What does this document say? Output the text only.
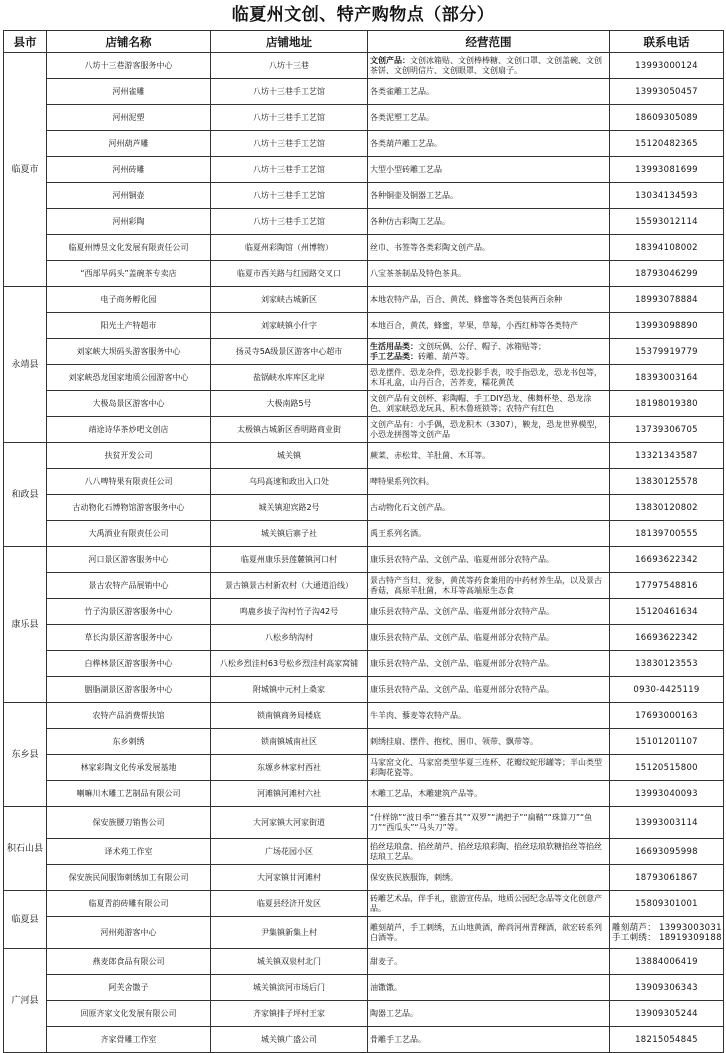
临夏州文创、特产购物点（部分）
县市	店铺名称	店铺地址	经营范围	联系电话
临夏市	八坊十三巷游客服务中心	八坊十三巷	文创产品：文创冰箱贴、文创棒棒糖、文创口罩、文创盖碗、文创茶饼、文创明信片、文创眼罩、文创扇子。	13993000124
	河州雀雕	八坊十三巷手工艺馆	各类雀雕工艺品。	13993050457
	河州泥塑	八坊十三巷手工艺馆	各类泥塑工艺品。	18609305089
	河州葫芦雕	八坊十三巷手工艺馆	各类葫芦雕工艺品。	15120482365
	河州砖雕	八坊十三巷手工艺馆	大型小型砖雕工艺品	13993081699
	河州铜壶	八坊十三巷手工艺馆	各种铜壶及铜器工艺品。	13034134593
	河州彩陶	八坊十三巷手工艺馆	各种仿古彩陶工艺品。	15593012114
	临夏州博昱文化发展有限责任公司	临夏州彩陶馆（州博物）	丝巾、书签等各类彩陶文创产品。	18394108002
	“西部旱码头”盖碗茶专卖店	临夏市西关路与红园路交叉口	八宝茶茶制品及特色茶具。	18793046299
永靖县	电子商务孵化园	刘家峡古城新区	本地农特产品，百合、黄芪、蜂蜜等各类包装两百余种	18993078884
	阳光土产特超市	刘家峡镇小什字	本地百合，黄芪，蜂蜜，苹果，草莓，小西红柿等各类特产	13993098890
	刘家峡大坝码头游客服务中心	扬灵寺5A级景区游客中心超市	生活用品类：文创玩偶、公仔、帽子、冰箱贴等；
手工艺品类：砖雕、葫芦等。	15379919779
	刘家峡恐龙国家地质公园游客中心	盐锅峡水库库区北岸	恐龙摆件、恐龙杂件，恐龙投影手表，咬手指恐龙，恐龙书包等，木耳礼盒，山丹百合，苦荞麦，糯花黄芪	18393003164
	大极岛景区游客中心	大极南路5号	文创产品有文创杯、彩陶帽、手工DIY恐龙、佛舞杯垫、恐龙涂色、刘家峡恐龙玩具、积木鲁班锁等；农特产有红色	18198019380
	靖途诗华茶炒吧文创店	太极镇古城新区香明路商业街	文创产品有：小手偶，恐龙积木（3307），鞅龙，恐龙世界模型，小恐龙拼图等文创产品	13739306705
和政县	扶贫开发公司	城关镇	蕨菜、赤松茸、羊肚菌、木耳等。	13321343587
	八八啤特果有限责任公司	乌玛高速和政出入口处	啤特果系列饮料。	13830125578
	古动物化石博物馆游客服务中心	城关镇迎宾路2号	古动物化石文创产品。	13830120802
	大禹酒业有限责任公司	城关镇后寨子社	禹王系列名酒。	18139700555
康乐县	河口景区游客服务中心	临夏州康乐县莲麓镇河口村	康乐县农特产品、文创产品、临夏州部分农特产品。	16693622342
	景古农特产品展销中心	景古镇景古村新农村（大通道沿线）	景古特产当归、党参，黄芪等药食兼用的中药材养生品，以及景古香菇，高原羊肚菌，木耳等高端原生态食	17797548816
	竹子沟景区游客服务中心	鸣鹿乡拔子沟村竹子沟42号	康乐县农特产品、文创产品、临夏州部分农特产品。	15120461634
	草长沟景区游客服务中心	八松乡纳沟村	康乐县农特产品、文创产品、临夏州部分农特产品。	16693622342
	白桦林景区游客服务中心	八松乡烈洼村63号松乡烈洼村高家窝铺	康乐县农特产品、文创产品、临夏州部分农特产品。	13830123553
	胭脂湖景区游客服务中心	附城镇中元村上桑家	康乐县农特产品、文创产品、临夏州部分农特产品。	0930-4425119
东乡县	农特产品消费帮扶馆	锁南镇商务局楼底	牛羊肉、藜麦等农特产品。	17693000163
	东乡刺绣	锁南镇城南社区	刺绣挂扇、摆件、抱枕、围巾、领带、飘带等。	15101201107
	林家彩陶文化传承发展基地	东塬乡林家村西社	马家窑文化、马家窑类型华夏三连杯、花瓣纹蛇形罐等；半山类型彩陶花瓷等。	15120515800
	喇嘛川木雕工艺制品有限公司	河滩镇河滩村六社	木雕工艺品，木雕建筑产品等。	13993040093
积石山县	保安族腰刀销售公司	大河家镇大河家街道	“什样锦”“波日季”“雅吾其”“双罗”“满把子”“扁鞘”“珠算刀”“鱼刀”“西瓜头”“马头刀”等。	13993003114
	译术苑工作室	广场花园小区	掐丝珐琅盘、掐丝葫芦、掐丝珐琅彩陶、掐丝珐琅软糖掐丝等掐丝珐琅工艺品。	16693095998
	保安族民间服饰刺绣加工有限公司	大河家镇甘河滩村	保安族民族服饰，刺绣。	18793061867
临夏县	临夏青韵砖雕有限公司	临夏县经济开发区	砖雕艺术品，伴手礼，旅游宣传品，地质公园纪念品等文化创意产品。	15809301001
	河州苑游客中心	尹集镇新集上村	雕刻葫芦，手工刺绣，五山地黄酒，醉尚河州青稞酒，歆宏砖系列白酒等。	雕刻葫芦： 13993003031
手工刺绣： 18919309188

广河县	燕麦郎食品有限公司	城关镇双泉村北门	甜麦子。	13884006419
	阿芙舍馓子	城关镇滨河市场后门	油馓馓。	13909306343
	回原齐家文化发展有限公司	齐家镇排子坪村王家	陶器工艺品。	13909305244
	齐家骨雕工作室	城关镇广盛公司	骨雕手工艺品。	18215054845
